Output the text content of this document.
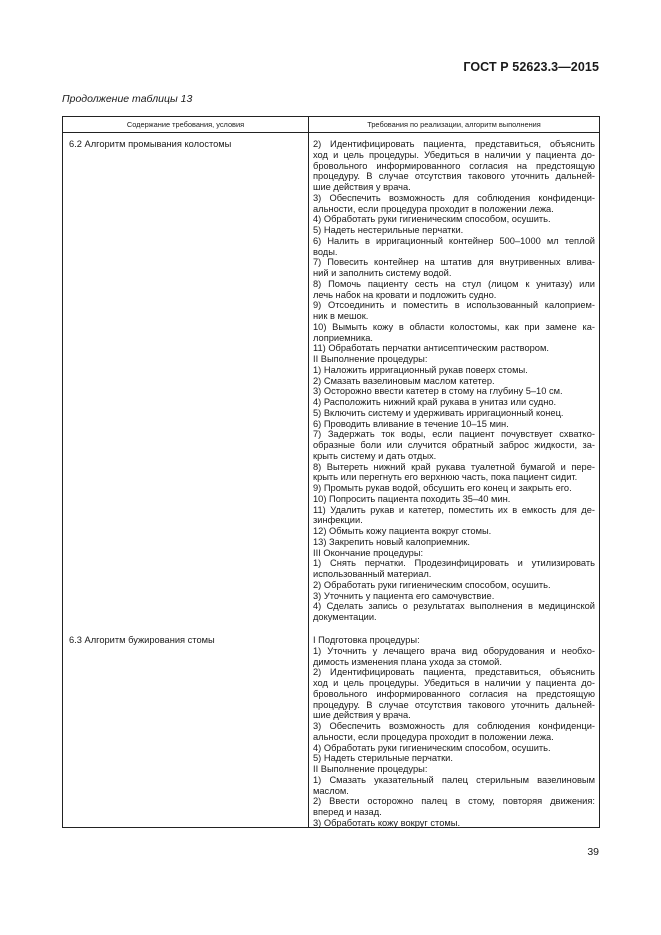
ГОСТ Р 52623.3—2015
Продолжение таблицы 13
Содержание требования, условия	Требования по реализации, алгоритм выполнения
6.2 Алгоритм промывания колостомы	2) Идентифицировать пациента, представиться, объяснить
ход и цель процедуры. Убедиться в наличии у пациента до-
бровольного информированного согласия на предстоящую
процедуру. В случае отсутствия такового уточнить дальней-
шие действия у врача.
3) Обеспечить возможность для соблюдения конфиденци-
альности, если процедура проходит в положении лежа.
4) Обработать руки гигиеническим способом, осушить.
5) Надеть нестерильные перчатки.
6) Налить в ирригационный контейнер 500–1000 мл теплой
воды.
7) Повесить контейнер на штатив для внутривенных влива-
ний и заполнить систему водой.
8) Помочь пациенту сесть на стул (лицом к унитазу) или
лечь набок на кровати и подложить судно.
9) Отсоединить и поместить в использованный калоприем-
ник в мешок.
10) Вымыть кожу в области колостомы, как при замене ка-
лоприемника.
11) Обработать перчатки антисептическим раствором.
II Выполнение процедуры:
1) Наложить ирригационный рукав поверх стомы.
2) Смазать вазелиновым маслом катетер.
3) Осторожно ввести катетер в стому на глубину 5–10 см.
4) Расположить нижний край рукава в унитаз или судно.
5) Включить систему и удерживать ирригационный конец.
6) Проводить вливание в течение 10–15 мин.
7) Задержать ток воды, если пациент почувствует схватко-
образные боли или случится обратный заброс жидкости, за-
крыть систему и дать отдых.
8) Вытереть нижний край рукава туалетной бумагой и пере-
крыть или перегнуть его верхнюю часть, пока пациент сидит.
9) Промыть рукав водой, обсушить его конец и закрыть его.
10) Попросить пациента походить 35–40 мин.
11) Удалить рукав и катетер, поместить их в емкость для де-
зинфекции.
12) Обмыть кожу пациента вокруг стомы.
13) Закрепить новый калоприемник.
III Окончание процедуры:
1) Снять перчатки. Продезинфицировать и утилизировать
использованный материал.
2) Обработать руки гигиеническим способом, осушить.
3) Уточнить у пациента его самочувствие.
4) Сделать запись о результатах выполнения в медицинской
документации.
6.3 Алгоритм бужирования стомы	I Подготовка процедуры:
1) Уточнить у лечащего врача вид оборудования и необхо-
димость изменения плана ухода за стомой.
2) Идентифицировать пациента, представиться, объяснить
ход и цель процедуры. Убедиться в наличии у пациента до-
бровольного информированного согласия на предстоящую
процедуру. В случае отсутствия такового уточнить дальней-
шие действия у врача.
3) Обеспечить возможность для соблюдения конфиденци-
альности, если процедура проходит в положении лежа.
4) Обработать руки гигиеническим способом, осушить.
5) Надеть стерильные перчатки.
II Выполнение процедуры:
1) Смазать указательный палец стерильным вазелиновым
маслом.
2) Ввести осторожно палец в стому, повторяя движения:
вперед и назад.
3) Обработать кожу вокруг стомы.
39
